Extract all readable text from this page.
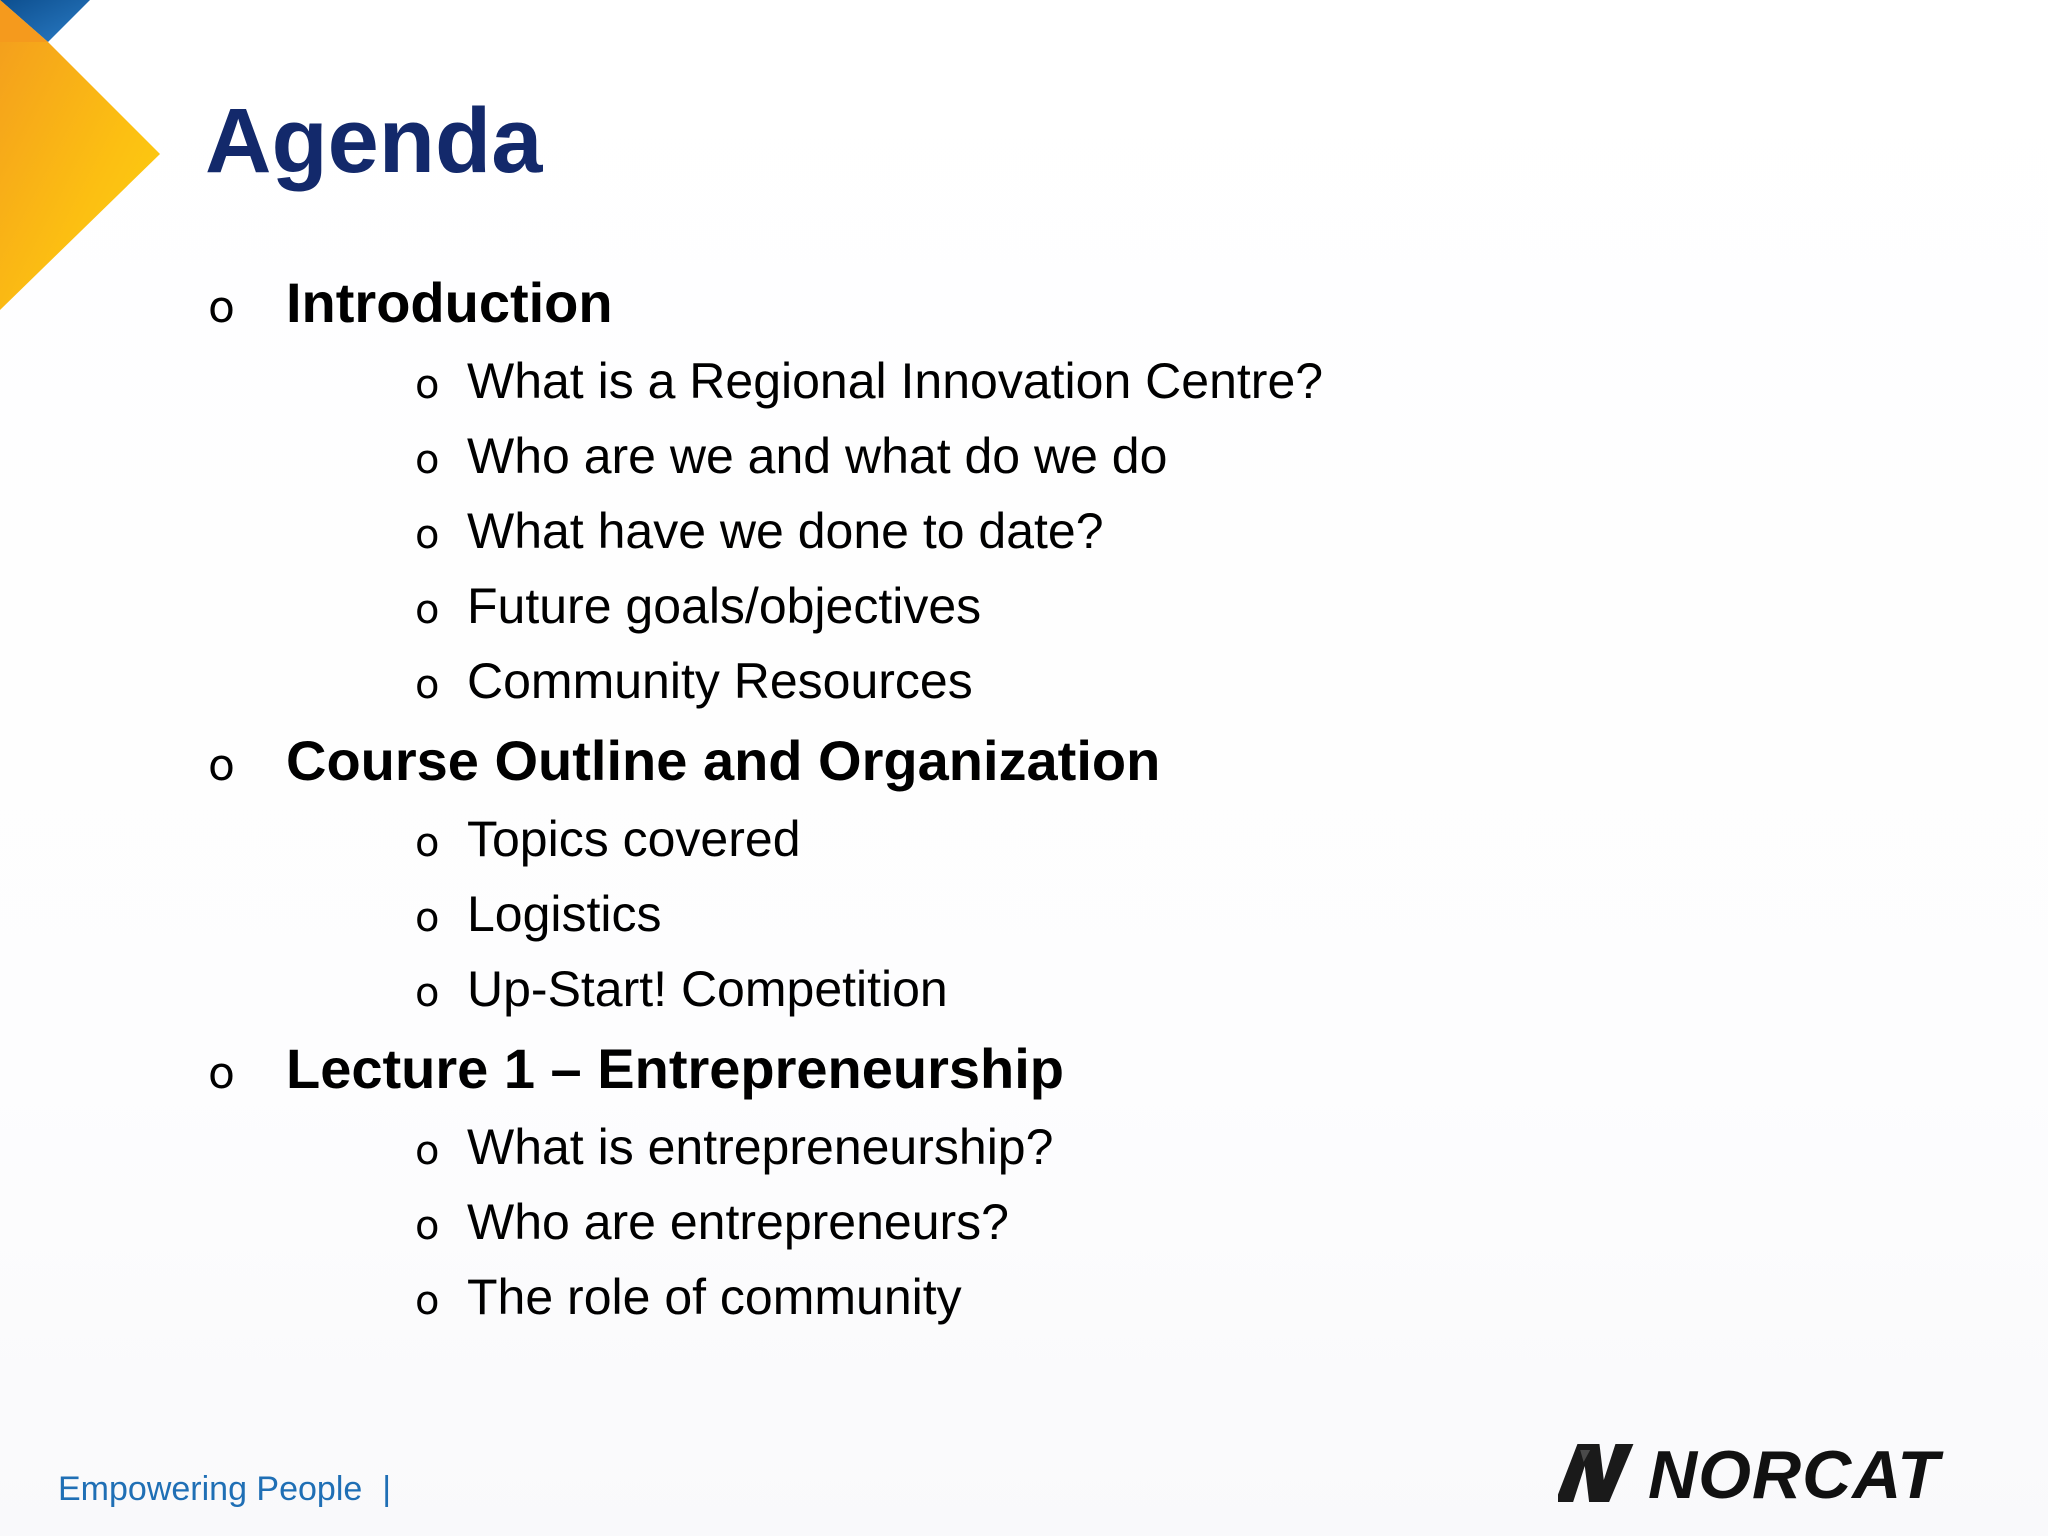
Agenda
o Introduction
o What is a Regional Innovation Centre?
o Who are we and what do we do
o What have we done to date?
o Future goals/objectives
o Community Resources
o Course Outline and Organization
o Topics covered
o Logistics
o Up-Start! Competition
o Lecture 1 – Entrepreneurship
o What is entrepreneurship?
o Who are entrepreneurs?
o The role of community
Empowering People |	NORCAT
